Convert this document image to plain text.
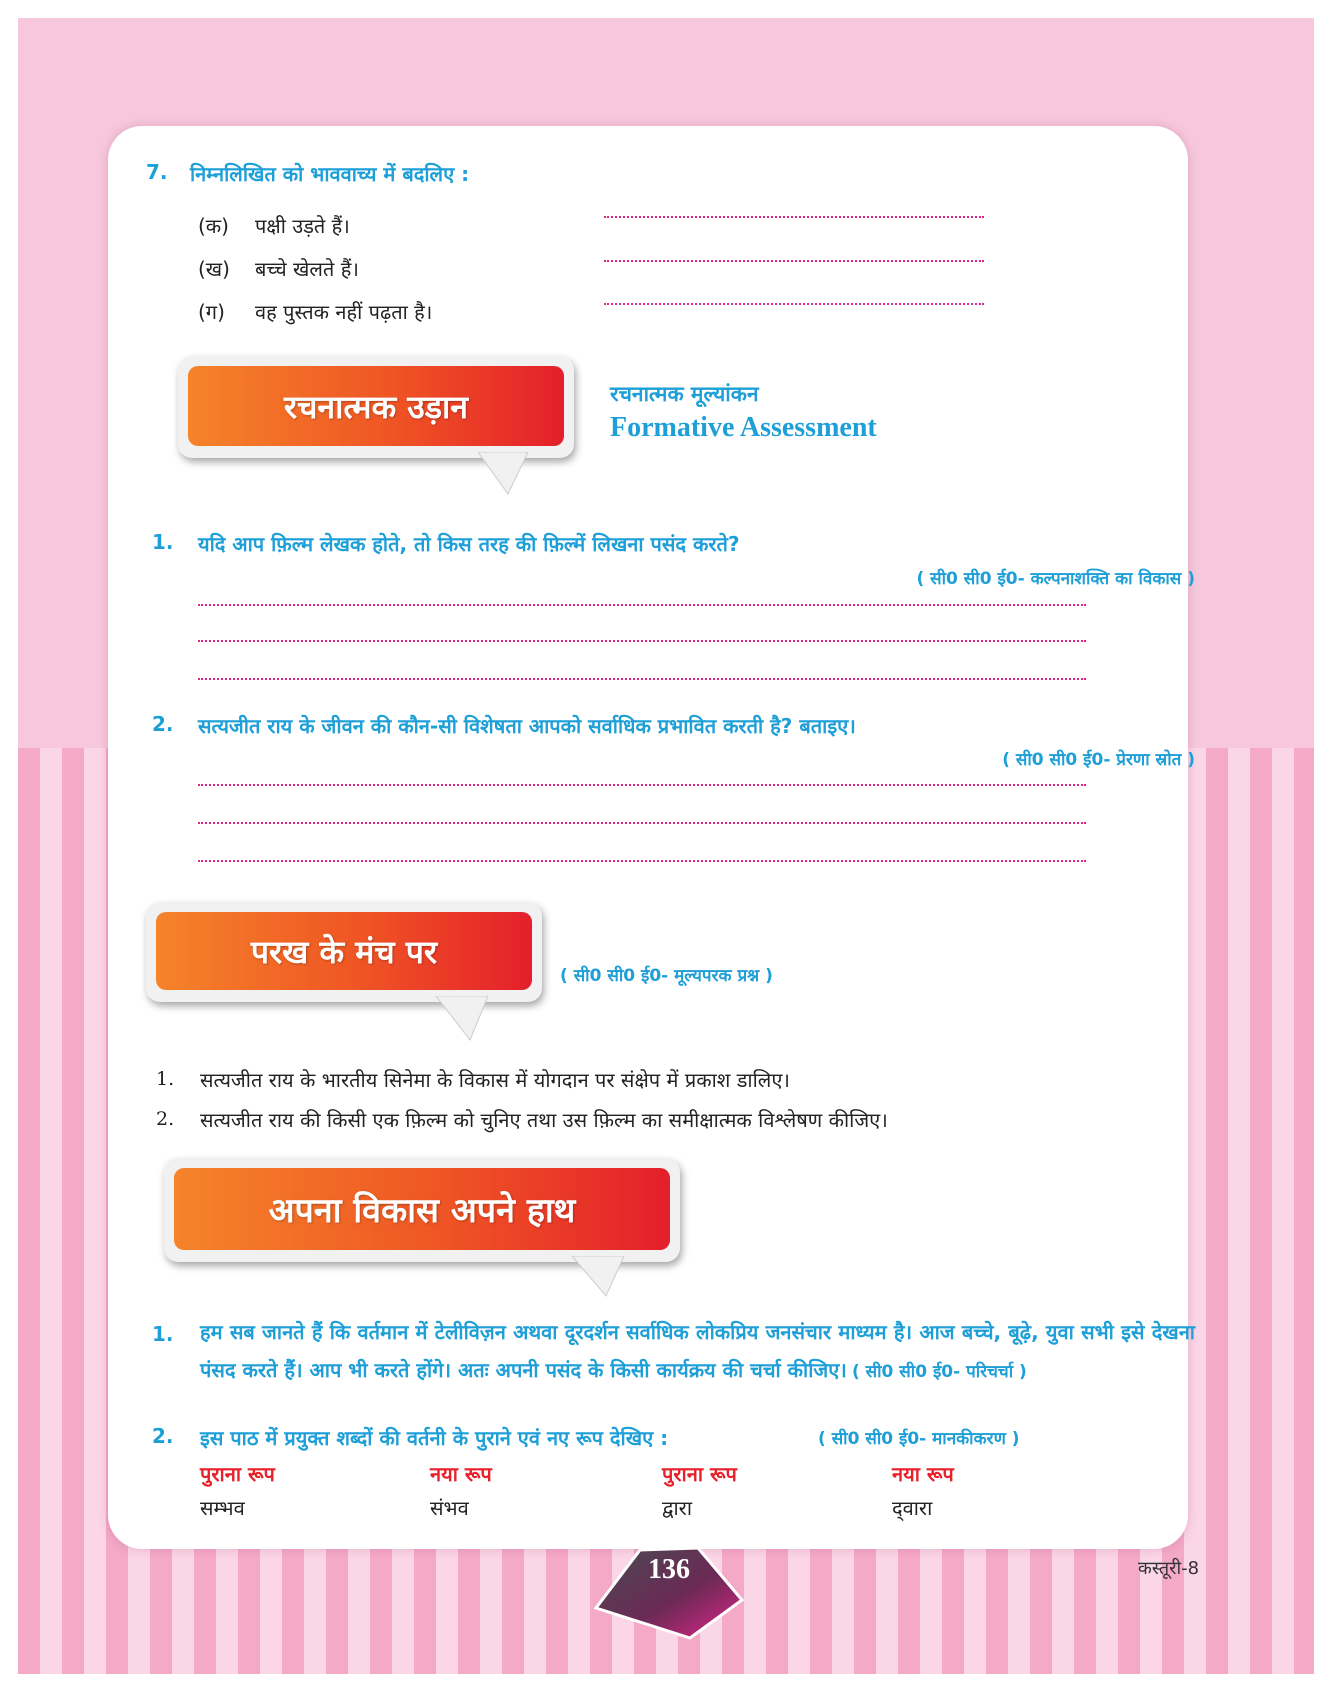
7. निम्नलिखित को भाववाच्य में बदलिए :
(क) पक्षी उड़ते हैं।
(ख) बच्चे खेलते हैं।
(ग) वह पुस्तक नहीं पढ़ता है।
रचनात्मक उड़ान	रचनात्मक मूल्यांकन
Formative Assessment
1. यदि आप फ़िल्म लेखक होते, तो किस तरह की फ़िल्में लिखना पसंद करते?
( सी0 सी0 ई0- कल्पनाशक्ति का विकास )
2. सत्यजीत राय के जीवन की कौन-सी विशेषता आपको सर्वाधिक प्रभावित करती है? बताइए।
( सी0 सी0 ई0- प्रेरणा स्रोत )
परख के मंच पर
( सी0 सी0 ई0- मूल्यपरक प्रश्न )
1. सत्यजीत राय के भारतीय सिनेमा के विकास में योगदान पर संक्षेप में प्रकाश डालिए।
2. सत्यजीत राय की किसी एक फ़िल्म को चुनिए तथा उस फ़िल्म का समीक्षात्मक विश्लेषण कीजिए।
अपना विकास अपने हाथ
1. हम सब जानते हैं कि वर्तमान में टेलीविज़न अथवा दूरदर्शन सर्वाधिक लोकप्रिय जनसंचार माध्यम है। आज बच्चे, बूढ़े, युवा सभी इसे देखना पंसद करते हैं। आप भी करते होंगे। अतः अपनी पसंद के किसी कार्यक्रय की चर्चा कीजिए। ( सी0 सी0 ई0- परिचर्चा )
2. इस पाठ में प्रयुक्त शब्दों की वर्तनी के पुराने एवं नए रूप देखिए :	( सी0 सी0 ई0- मानकीकरण )
पुराना रूप	नया रूप	पुराना रूप	नया रूप
सम्भव	संभव	द्वारा	द्‍वारा
कस्तूरी-8
136
